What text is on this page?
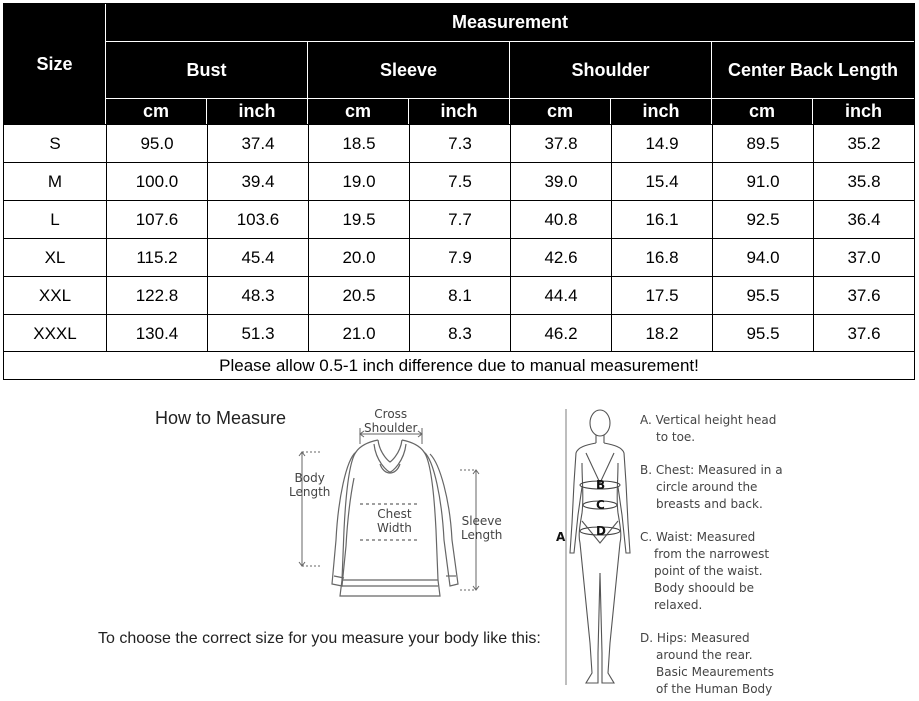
Size
Measurement
Bust	Sleeve	Shoulder	Center Back Length
cm	inch	cm	inch	cm	inch	cm	inch
S	95.0	37.4	18.5	7.3	37.8	14.9	89.5	35.2
M	100.0	39.4	19.0	7.5	39.0	15.4	91.0	35.8
L	107.6	103.6	19.5	7.7	40.8	16.1	92.5	36.4
XL	115.2	45.4	20.0	7.9	42.6	16.8	94.0	37.0
XXL	122.8	48.3	20.5	8.1	44.4	17.5	95.5	37.6
XXXL	130.4	51.3	21.0	8.3	46.2	18.2	95.5	37.6
Please allow 0.5-1 inch difference due to manual measurement!
How to Measure	Cross
Shoulder
Body
Length
Chest
Width	Sleeve
Length
To choose the correct size for you measure your body like this:
B
C
D
A
A. Vertical height head
to toe.
B. Chest: Measured in a
circle around the
breasts and back.
C. Waist: Measured
from the narrowest
point of the waist.
Body shoould be
relaxed.
D. Hips: Measured
around the rear.
Basic Meaurements
of the Human Body
